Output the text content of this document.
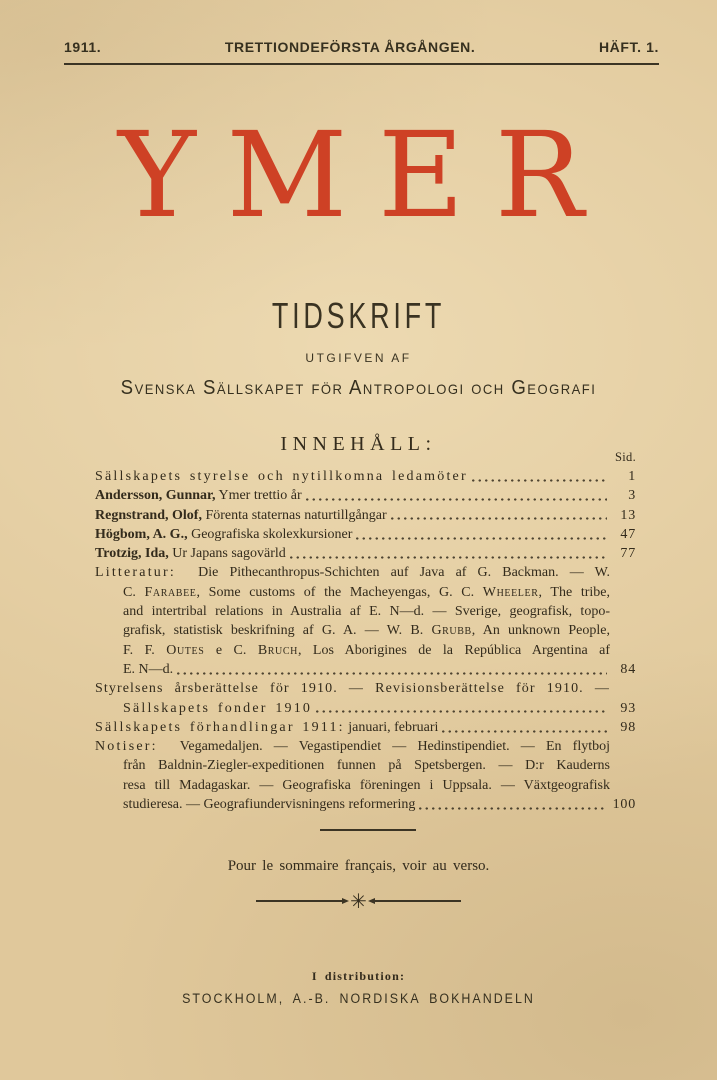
1911.	TRETTIONDEFÖRSTA ÅRGÅNGEN.	HÄFT. 1.
YMER
TIDSKRIFT
UTGIFVEN AF
Svenska Sällskapet för Antropologi och Geografi
INNEHÅLL:
Sid.
Sällskapets styrelse och nytillkomna ledamöter	1
Andersson, Gunnar, Ymer trettio år	3
Regnstrand, Olof, Förenta staternas naturtillgångar	13
Högbom, A. G., Geografiska skolexkursioner	47
Trotzig, Ida, Ur Japans sagovärld	77
Litteratur:  Die Pithecanthropus-Schichten auf Java af G. Backman. — W.
C. Farabee, Some customs of the Macheyengas, G. C. Wheeler, The tribe,
and intertribal relations in Australia af E. N—d. — Sverige, geografisk, topo-
grafisk, statistisk beskrifning af G. A. — W. B. Grubb, An unknown People,
F. F. Outes e C. Bruch, Los Aborigines de la República Argentina af
E. N—d.	84
Styrelsens årsberättelse för 1910. — Revisionsberättelse för 1910. —
Sällskapets fonder 1910	93
Sällskapets förhandlingar 1911: januari, februari	98
Notiser:  Vegamedaljen. — Vegastipendiet — Hedinstipendiet. — En flytboj
från Baldnin-Ziegler-expeditionen funnen på Spetsbergen. — D:r Kauderns
resa till Madagaskar. — Geografiska föreningen i Uppsala. — Växtgeografisk
studieresa. — Geografiundervisningens reformering	100
Pour le sommaire français, voir au verso.
✳
I distribution:
STOCKHOLM, A.-B. NORDISKA BOKHANDELN
